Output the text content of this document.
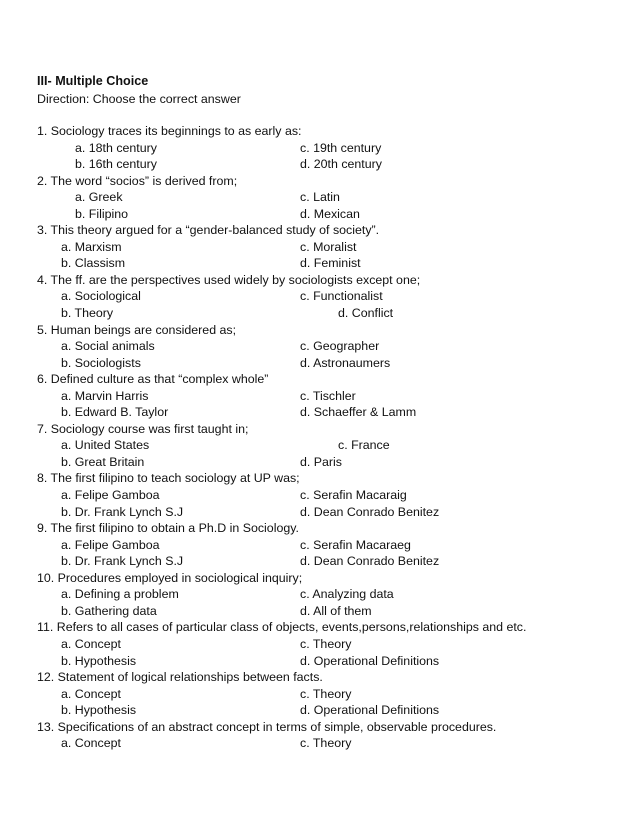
III- Multiple Choice
Direction: Choose the correct answer
1. Sociology traces its beginnings to as early as:
a. 18th century	c. 19th century
b. 16th century	d. 20th century
2. The word “socios” is derived from;
a. Greek	c. Latin
b. Filipino	d. Mexican
3. This theory argued for a “gender-balanced study of society”.
a. Marxism	c. Moralist
b. Classism	d. Feminist
4. The ff. are the perspectives used widely by sociologists except one;
a. Sociological	c. Functionalist
b. Theory	d. Conflict
5. Human beings are considered as;
a. Social animals	c. Geographer
b. Sociologists	d. Astronaumers
6. Defined culture as that “complex whole”
a. Marvin Harris	c. Tischler
b. Edward B. Taylor	d. Schaeffer & Lamm
7. Sociology course was first taught in;
a. United States	c. France
b. Great Britain	d. Paris
8. The first filipino to teach sociology at UP was;
a. Felipe Gamboa	c. Serafin Macaraig
b. Dr. Frank Lynch S.J	d. Dean Conrado Benitez
9. The first filipino to obtain a Ph.D in Sociology.
a. Felipe Gamboa	c. Serafin Macaraeg
b. Dr. Frank Lynch S.J	d. Dean Conrado Benitez
10. Procedures employed in sociological inquiry;
a. Defining a problem	c. Analyzing data
b. Gathering data	d. All of them
11. Refers to all cases of particular class of objects, events,persons,relationships and etc.
a. Concept	c. Theory
b. Hypothesis	d. Operational Definitions
12. Statement of logical relationships between facts.
a. Concept	c. Theory
b. Hypothesis	d. Operational Definitions
13. Specifications of an abstract concept in terms of simple, observable procedures.
a. Concept	c. Theory
